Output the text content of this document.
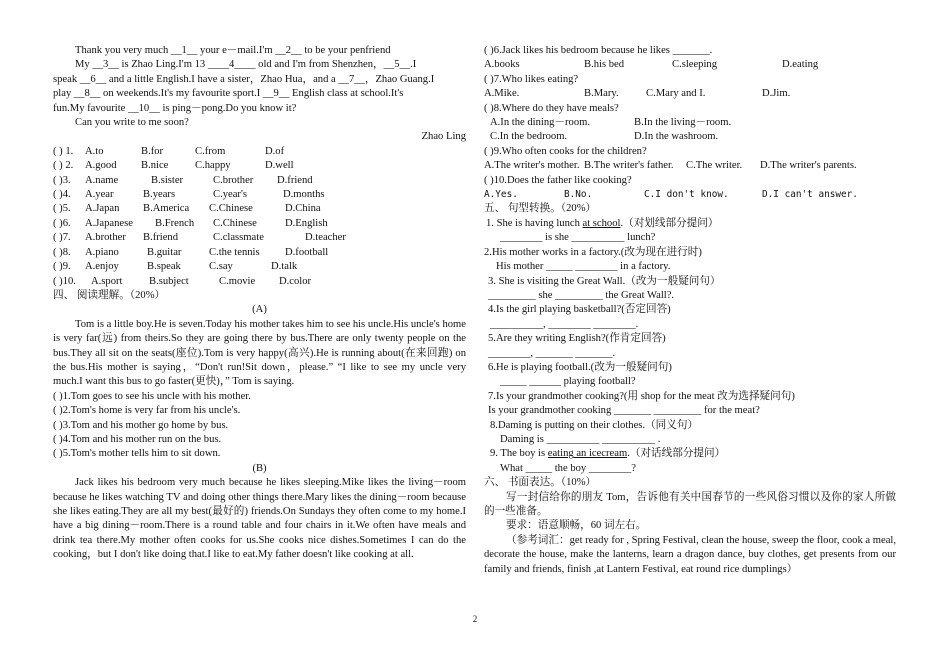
Thank you very much __1__ your e－mail.I'm __2__ to be your penfriend
My __3__ is Zhao Ling.I'm 13 ____4____ old and I'm from Shenzhen，__5__.I
speak __6__ and a little English.I have a sister，Zhao Hua，and a __7__，Zhao Guang.I
play __8__ on weekends.It's my favourite sport.I __9__ English class at school.It's
fun.My favourite __10__ is ping－pong.Do you know it?
Can you write to me soon?
Zhao Ling
( ) 1. A.to	B.for	C.from	D.of
( ) 2. A.good B.nice	C.happy	D.well
( )3. A.name	B.sister	C.brother D.friend
( )4. A.year	B.years	C.year's	D.months
( )5. A.Japan B.America C.Chinese	D.China
( )6. A.Japanese B.French C.Chinese	D.English
( )7. A.brother B.friend	C.classmate	D.teacher
( )8. A.piano	B.guitar	C.the tennis D.football
( )9. A.enjoy	B.speak	C.say	D.talk
( )10. A.sport	B.subject	C.movie D.color
四、 阅读理解。（20%）
(A)
Tom is a little boy.He is seven.Today his mother takes him to see his uncle.His uncle's home is very far(远) from theirs.So they are going there by bus.There are only twenty people on the bus.They all sit on the seats(座位).Tom is very happy(高兴).He is running about(在来回跑) on the bus.His mother is saying，“Don't run!Sit down，please.” “I like to see my uncle very much.I want this bus to go faster(更快)，” Tom is saying.
( )1.Tom goes to see his uncle with his mother.
( )2.Tom's home is very far from his uncle's.
( )3.Tom and his mother go home by bus.
( )4.Tom and his mother run on the bus.
( )5.Tom's mother tells him to sit down.
(B)
Jack likes his bedroom very much because he likes sleeping.Mike likes the living－room because he likes watching TV and doing other things there.Mary likes the dining－room because she likes eating.They are all my best(最好的) friends.On Sundays they often come to my home.I have a big dining－room.There is a round table and four chairs in it.We often have meals and drink tea there.My mother often cooks for us.She cooks nice dishes.Sometimes I can do the cooking，but I don't like doing that.I like to eat.My father doesn't like cooking at all.
( )6.Jack likes his bedroom because he likes _______.
A.books	B.his bed	C.sleeping	D.eating
( )7.Who likes eating?
A.Mike.	B.Mary.	C.Mary and I.	D.Jim.
( )8.Where do they have meals?
A.In the dining－room.	B.In the living－room.
C.In the bedroom.	D.In the washroom.
( )9.Who often cooks for the children?
A.The writer's mother. B.The writer's father. C.The writer. D.The writer's parents.
( )10.Does the father like cooking?
A.Yes.	B.No.	C.I don't know.	D.I can't answer.
五、 句型转换。（20%）
1. She is having lunch at school.（对划线部分提问）
________ is she __________ lunch?
2.His mother works in a factory.(改为现在进行时)
His mother _____ ________ in a factory.
3. She is visiting the Great Wall.（改为一般疑问句）
_________ she _________ the Great Wall?.
4.Is the girl playing basketball?(否定回答)
__________, ________ ________.
5.Are they writing English?(作肯定回答)
________, _______ _______.
6.He is playing football.(改为一般疑问句)
_____ ______ playing football?
7.Is your grandmother cooking?(用 shop for the meat 改为选择疑问句)
Is your grandmother cooking _______ _________ for the meat?
8.Daming is putting on their clothes.（同义句）
Daming is __________ __________ .
9. The boy is eating an icecream.（对话线部分提问）
What _____ the boy ________?
六、 书面表达。（10%）
写一封信给你的朋友 Tom，告诉他有关中国春节的一些风俗习惯以及你的家人所做的一些准备。
要求：语意顺畅，60 词左右。
（参考词汇：get ready for , Spring Festival, clean the house, sweep the floor, cook a meal, decorate the house, make the lanterns, learn a dragon dance, buy clothes, get presents from our family and friends, finish ,at Lantern Festival, eat round rice dumplings）
2
